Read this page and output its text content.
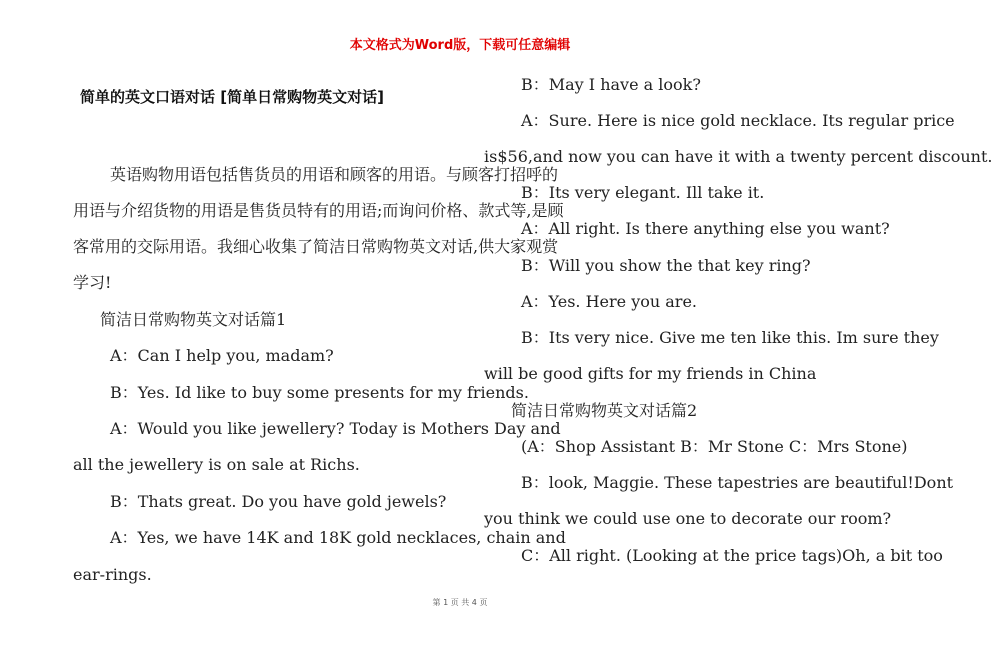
本文格式为Word版，下载可任意编辑
简单的英文口语对话 [简单日常购物英文对话]
英语购物用语包括售货员的用语和顾客的用语。与顾客打招呼的
用语与介绍货物的用语是售货员特有的用语;而询问价格、款式等,是顾
客常用的交际用语。我细心收集了简洁日常购物英文对话,供大家观赏
学习!
简洁日常购物英文对话篇1
A：Can I help you, madam?
B：Yes. Id like to buy some presents for my friends.
A：Would you like jewellery? Today is Mothers Day and
all the jewellery is on sale at Richs.
B：Thats great. Do you have gold jewels?
A：Yes, we have 14K and 18K gold necklaces, chain and
ear-rings.
B：May I have a look?
A：Sure. Here is nice gold necklace. Its regular price
is$56,and now you can have it with a twenty percent discount.
B：Its very elegant. Ill take it.
A：All right. Is there anything else you want?
B：Will you show the that key ring?
A：Yes. Here you are.
B：Its very nice. Give me ten like this. Im sure they
will be good gifts for my friends in China
简洁日常购物英文对话篇2
(A：Shop Assistant B：Mr Stone C：Mrs Stone)
B：look, Maggie. These tapestries are beautiful!Dont
you think we could use one to decorate our room?
C：All right. (Looking at the price tags)Oh, a bit too
第 1 页 共 4 页
